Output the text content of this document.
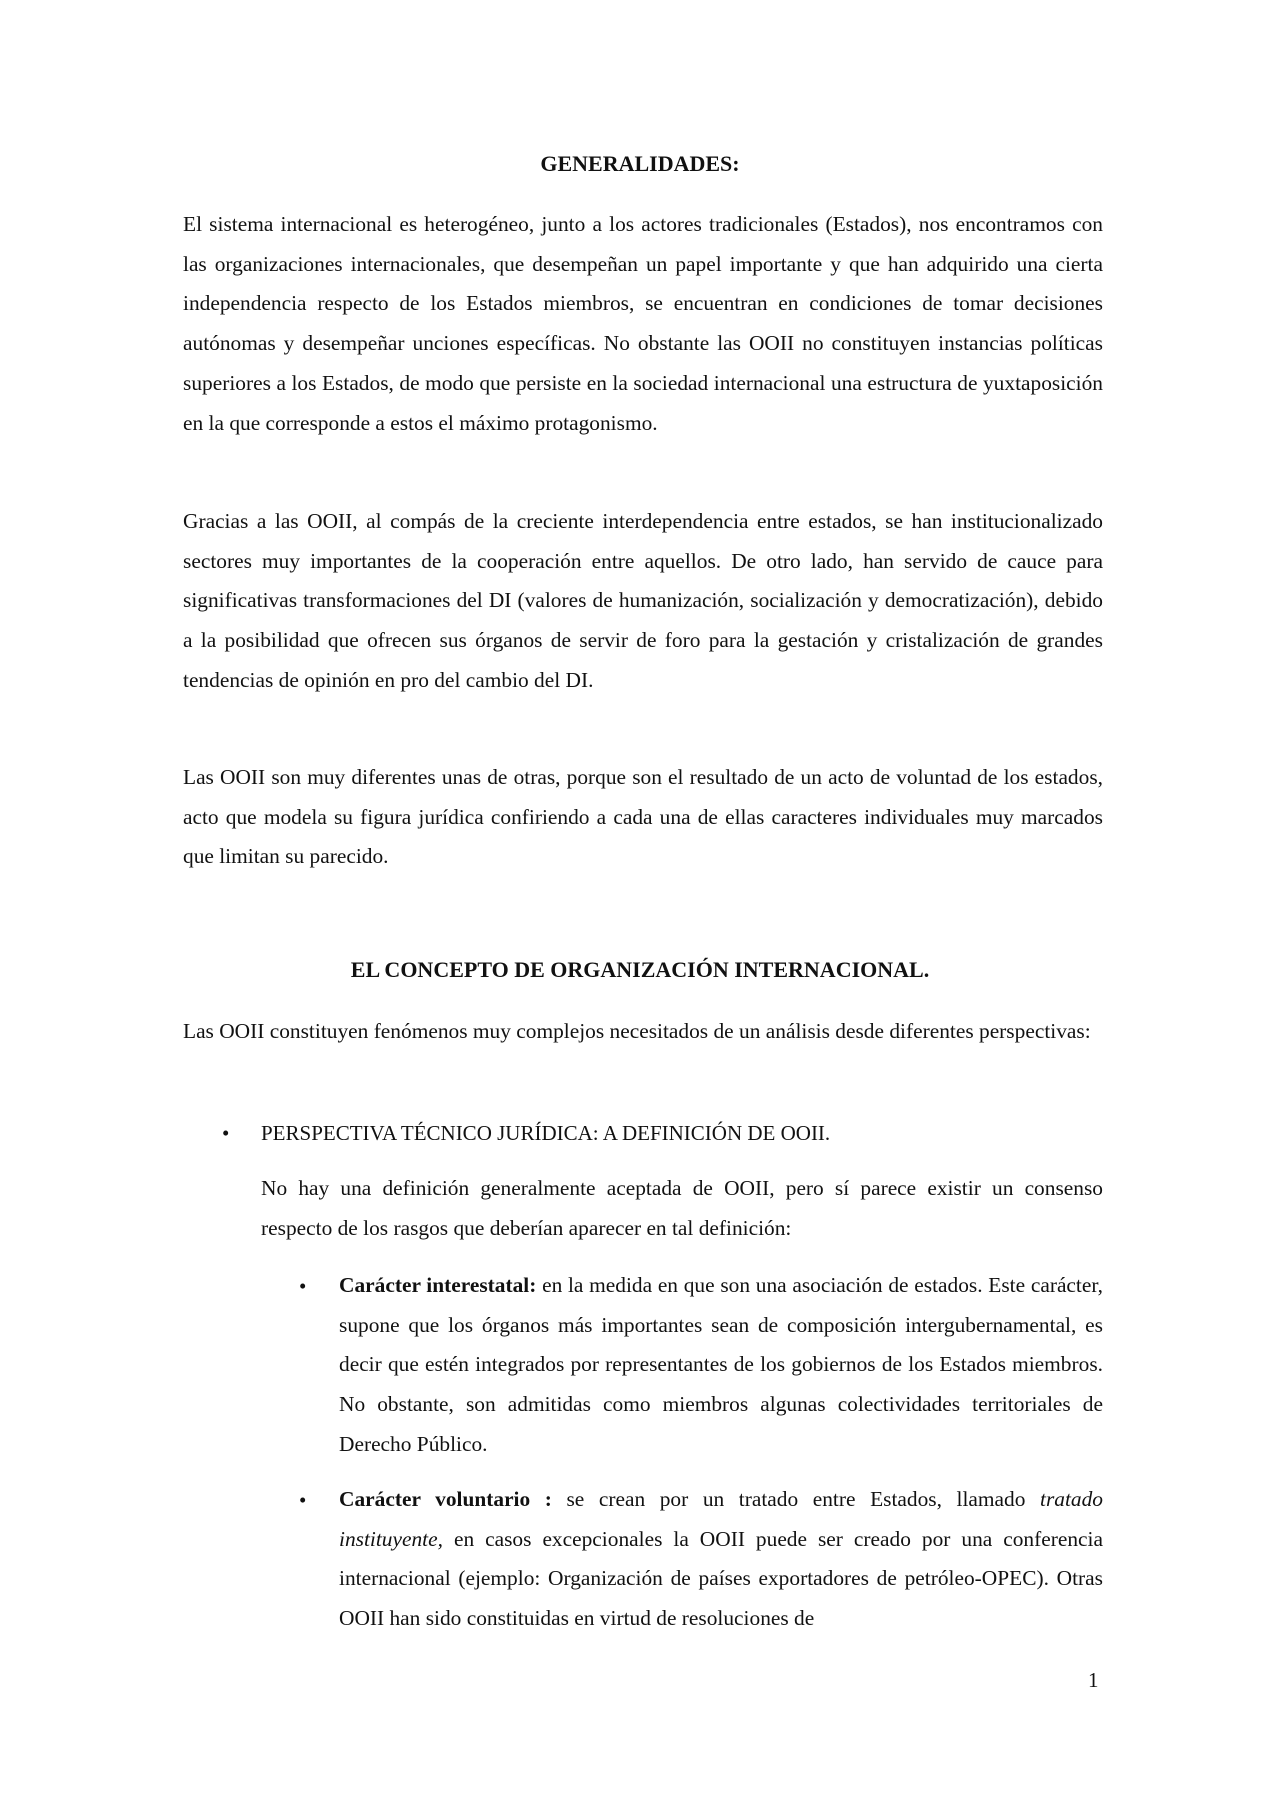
GENERALIDADES:

El sistema internacional es heterogéneo, junto a los actores tradicionales (Estados), nos encontramos con las organizaciones internacionales, que desempeñan un papel importante y que han adquirido una cierta independencia respecto de los Estados miembros, se encuentran en condiciones de tomar decisiones autónomas y desempeñar unciones específicas. No obstante las OOII no constituyen instancias políticas superiores a los Estados, de modo que persiste en la sociedad internacional una estructura de yuxtaposición en la que corresponde a estos el máximo protagonismo.

Gracias a las OOII, al compás de la creciente interdependencia entre estados, se han institucionalizado sectores muy importantes de la cooperación entre aquellos. De otro lado, han servido de cauce para significativas transformaciones del DI (valores de humanización, socialización y democratización), debido a la posibilidad que ofrecen sus órganos de servir de foro para la gestación y cristalización de grandes tendencias de opinión en pro del cambio del DI.

Las OOII son muy diferentes unas de otras, porque son el resultado de un acto de voluntad de los estados, acto que modela su figura jurídica confiriendo a cada una de ellas caracteres individuales muy marcados que limitan su parecido.

EL CONCEPTO DE ORGANIZACIÓN INTERNACIONAL.

Las OOII constituyen fenómenos muy complejos necesitados de un análisis desde diferentes perspectivas:

• PERSPECTIVA TÉCNICO JURÍDICA: A DEFINICIÓN DE OOII.

No hay una definición generalmente aceptada de OOII, pero sí parece existir un consenso respecto de los rasgos que deberían aparecer en tal definición:

• Carácter interestatal: en la medida en que son una asociación de estados. Este carácter, supone que los órganos más importantes sean de composición intergubernamental, es decir que estén integrados por representantes de los gobiernos de los Estados miembros. No obstante, son admitidas como miembros algunas colectividades territoriales de Derecho Público.

• Carácter voluntario : se crean por un tratado entre Estados, llamado tratado instituyente, en casos excepcionales la OOII puede ser creado por una conferencia internacional (ejemplo: Organización de países exportadores de petróleo-OPEC). Otras OOII han sido constituidas en virtud de resoluciones de

1
